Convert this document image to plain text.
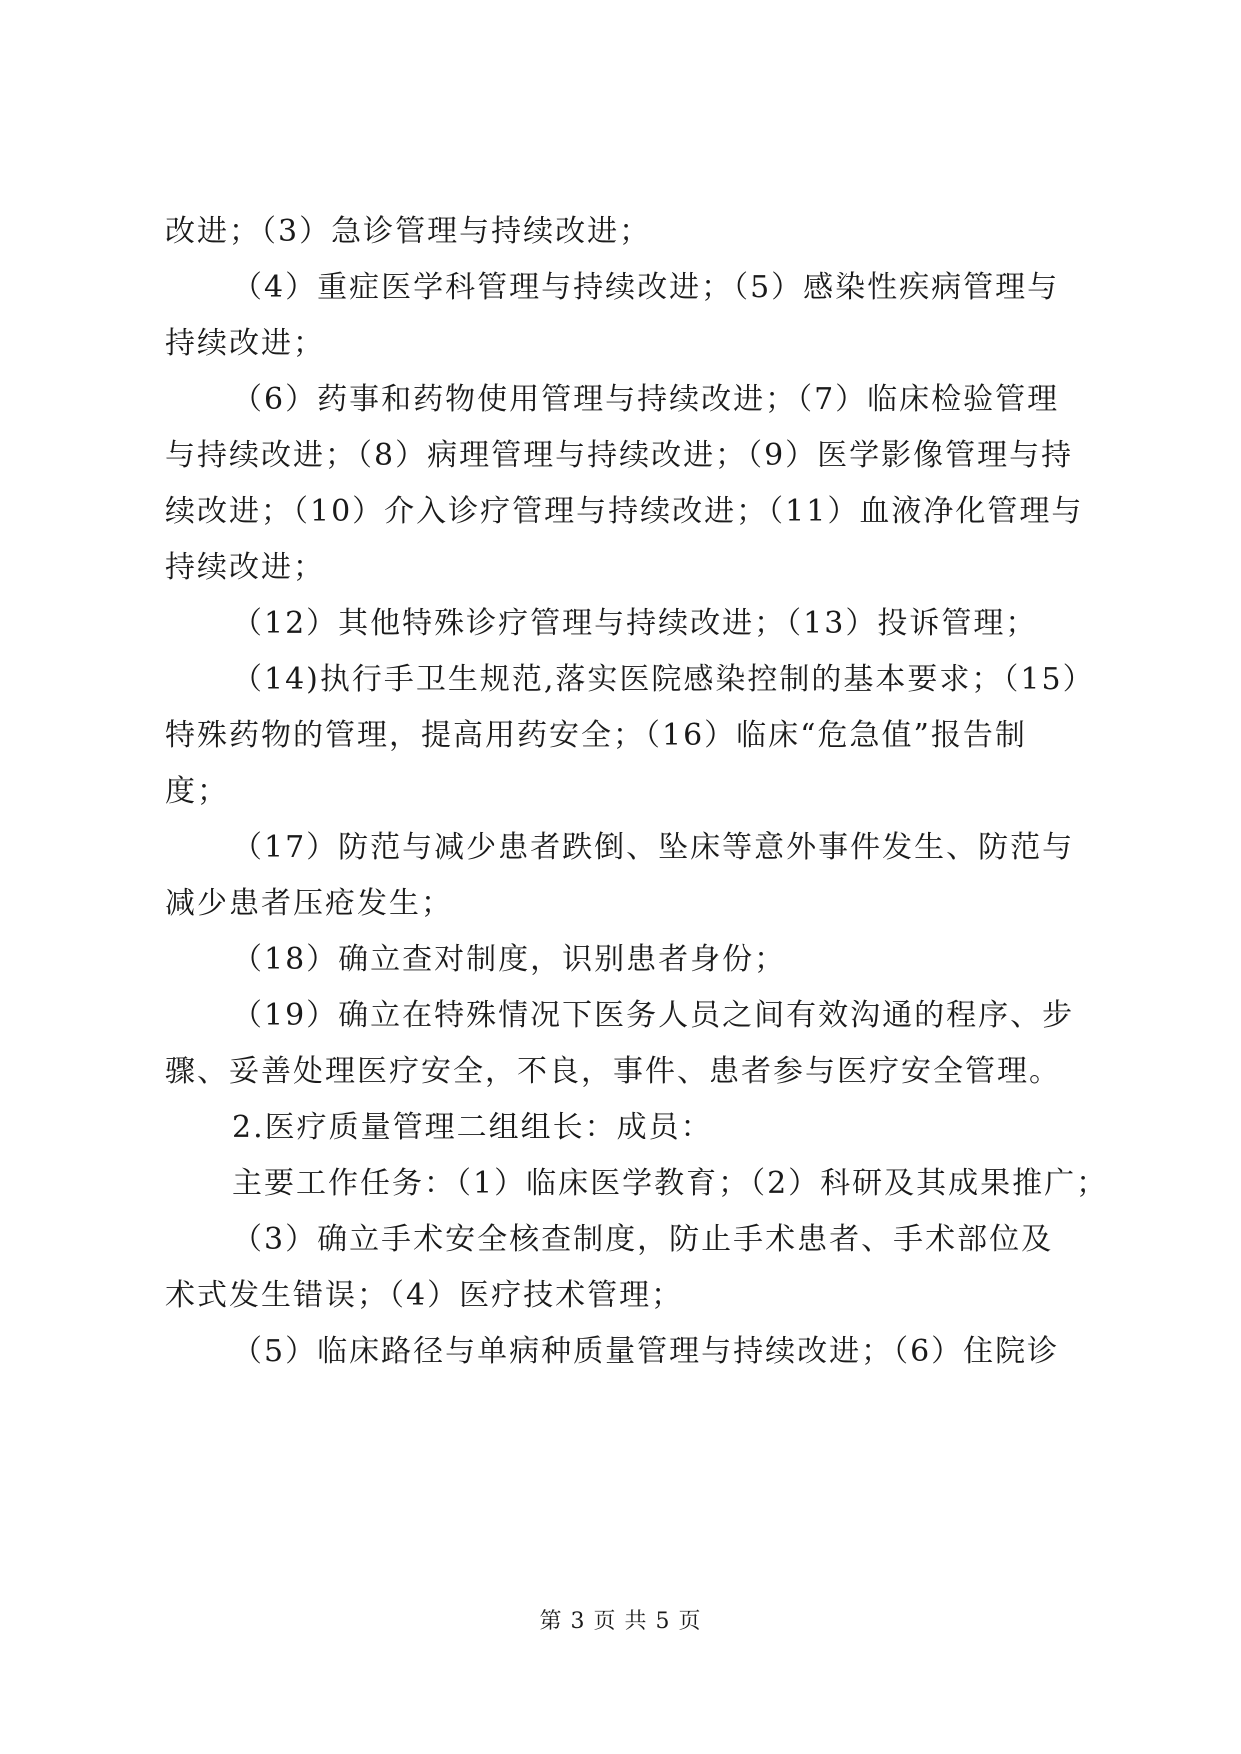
改进；（3）急诊管理与持续改进；
（4）重症医学科管理与持续改进；（5）感染性疾病管理与
持续改进；
（6）药事和药物使用管理与持续改进；（7）临床检验管理
与持续改进；（8）病理管理与持续改进；（9）医学影像管理与持
续改进；（10）介入诊疗管理与持续改进；（11）血液净化管理与
持续改进；
（12）其他特殊诊疗管理与持续改进；（13）投诉管理；
（14)执行手卫生规范,落实医院感染控制的基本要求；（15）
特殊药物的管理，提高用药安全；（16）临床“危急值”报告制
度；
（17）防范与减少患者跌倒、坠床等意外事件发生、防范与
减少患者压疮发生；
（18）确立查对制度，识别患者身份；
（19）确立在特殊情况下医务人员之间有效沟通的程序、步
骤、妥善处理医疗安全，不良，事件、患者参与医疗安全管理。
2.医疗质量管理二组组长：成员：
主要工作任务：（1）临床医学教育；（2）科研及其成果推广；
（3）确立手术安全核查制度，防止手术患者、手术部位及
术式发生错误；（4）医疗技术管理；
（5）临床路径与单病种质量管理与持续改进；（6）住院诊
第 3 页 共 5 页
